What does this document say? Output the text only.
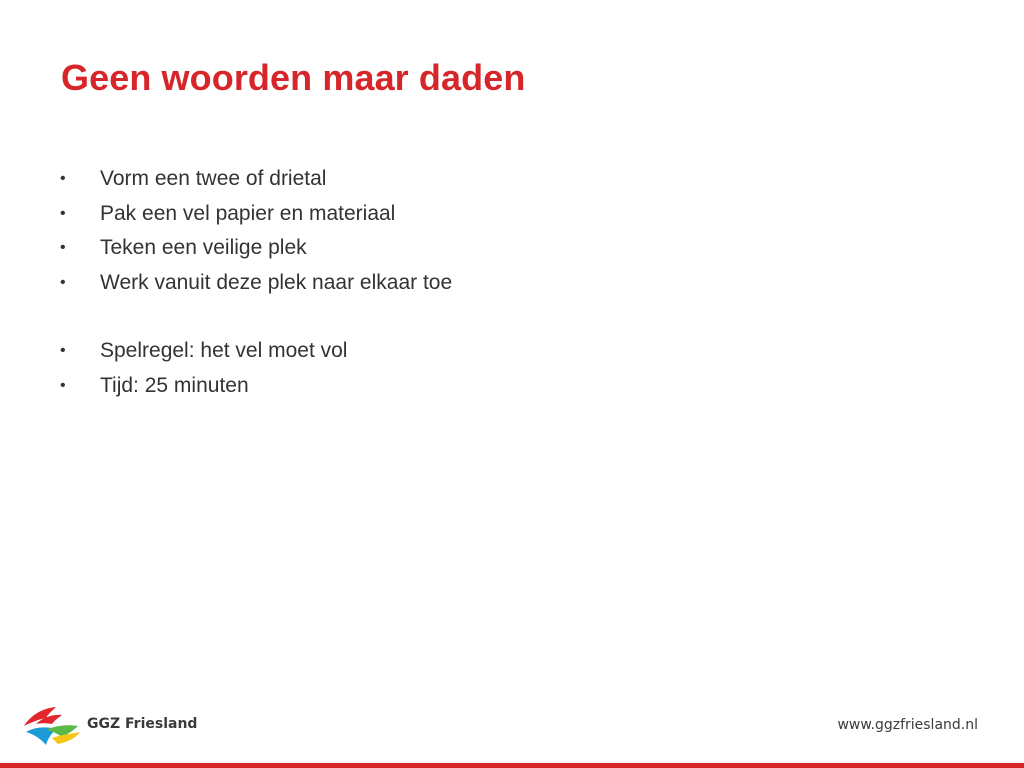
Geen woorden maar daden
•	Vorm een twee of drietal
•	Pak een vel papier en materiaal
•	Teken een veilige plek
•	Werk vanuit deze plek naar elkaar toe
•	Spelregel: het vel moet vol
•	Tijd: 25 minuten
GGZ Friesland	www.ggzfriesland.nl
